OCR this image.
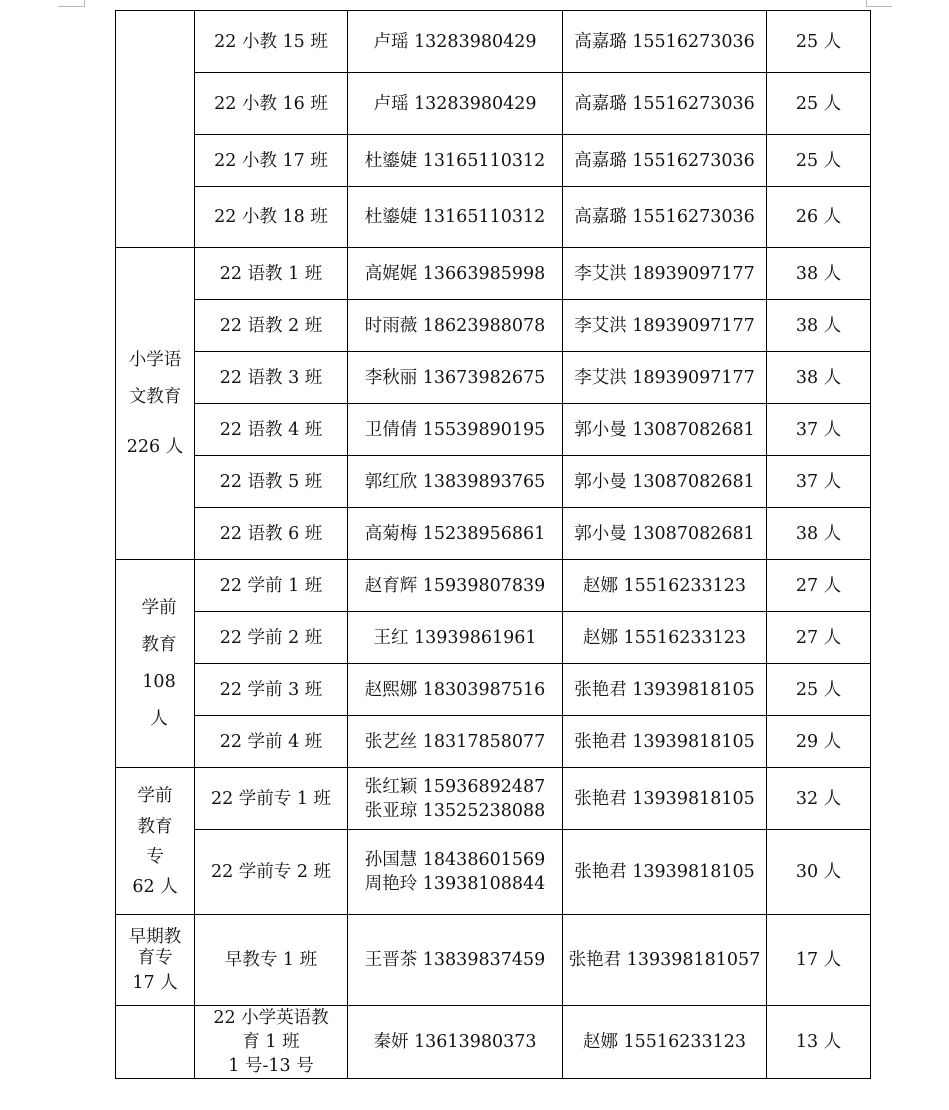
	22 小教 15 班	卢瑶 13283980429	高嘉璐 15516273036	25 人
	22 小教 16 班	卢瑶 13283980429	高嘉璐 15516273036	25 人
	22 小教 17 班	杜鎏婕 13165110312	高嘉璐 15516273036	25 人
	22 小教 18 班	杜鎏婕 13165110312	高嘉璐 15516273036	26 人

小学语
文教育
226 人	22 语教 1 班	高娓娓 13663985998	李艾洪 18939097177	38 人
	22 语教 2 班	时雨薇 18623988078	李艾洪 18939097177	38 人
	22 语教 3 班	李秋丽 13673982675	李艾洪 18939097177	38 人
	22 语教 4 班	卫倩倩 15539890195	郭小曼 13087082681	37 人
	22 语教 5 班	郭红欣 13839893765	郭小曼 13087082681	37 人
	22 语教 6 班	高菊梅 15238956861	郭小曼 13087082681	38 人

学前
教育
108
人	22 学前 1 班	赵育辉 15939807839	赵娜 15516233123	27 人
	22 学前 2 班	王红 13939861961	赵娜 15516233123	27 人
	22 学前 3 班	赵熙娜 18303987516	张艳君 13939818105	25 人
	22 学前 4 班	张艺丝 18317858077	张艳君 13939818105	29 人

学前
教育
专
62 人	22 学前专 1 班	张红颖 15936892487
张亚琼 13525238088	张艳君 13939818105	32 人
	22 学前专 2 班	孙国慧 18438601569
周艳玲 13938108844	张艳君 13939818105	30 人

早期教
育专
17 人	早教专 1 班	王晋茶 13839837459	张艳君 139398181057	17 人

	22 小学英语教
育 1 班
1 号-13 号	秦妍 13613980373	赵娜 15516233123	13 人
